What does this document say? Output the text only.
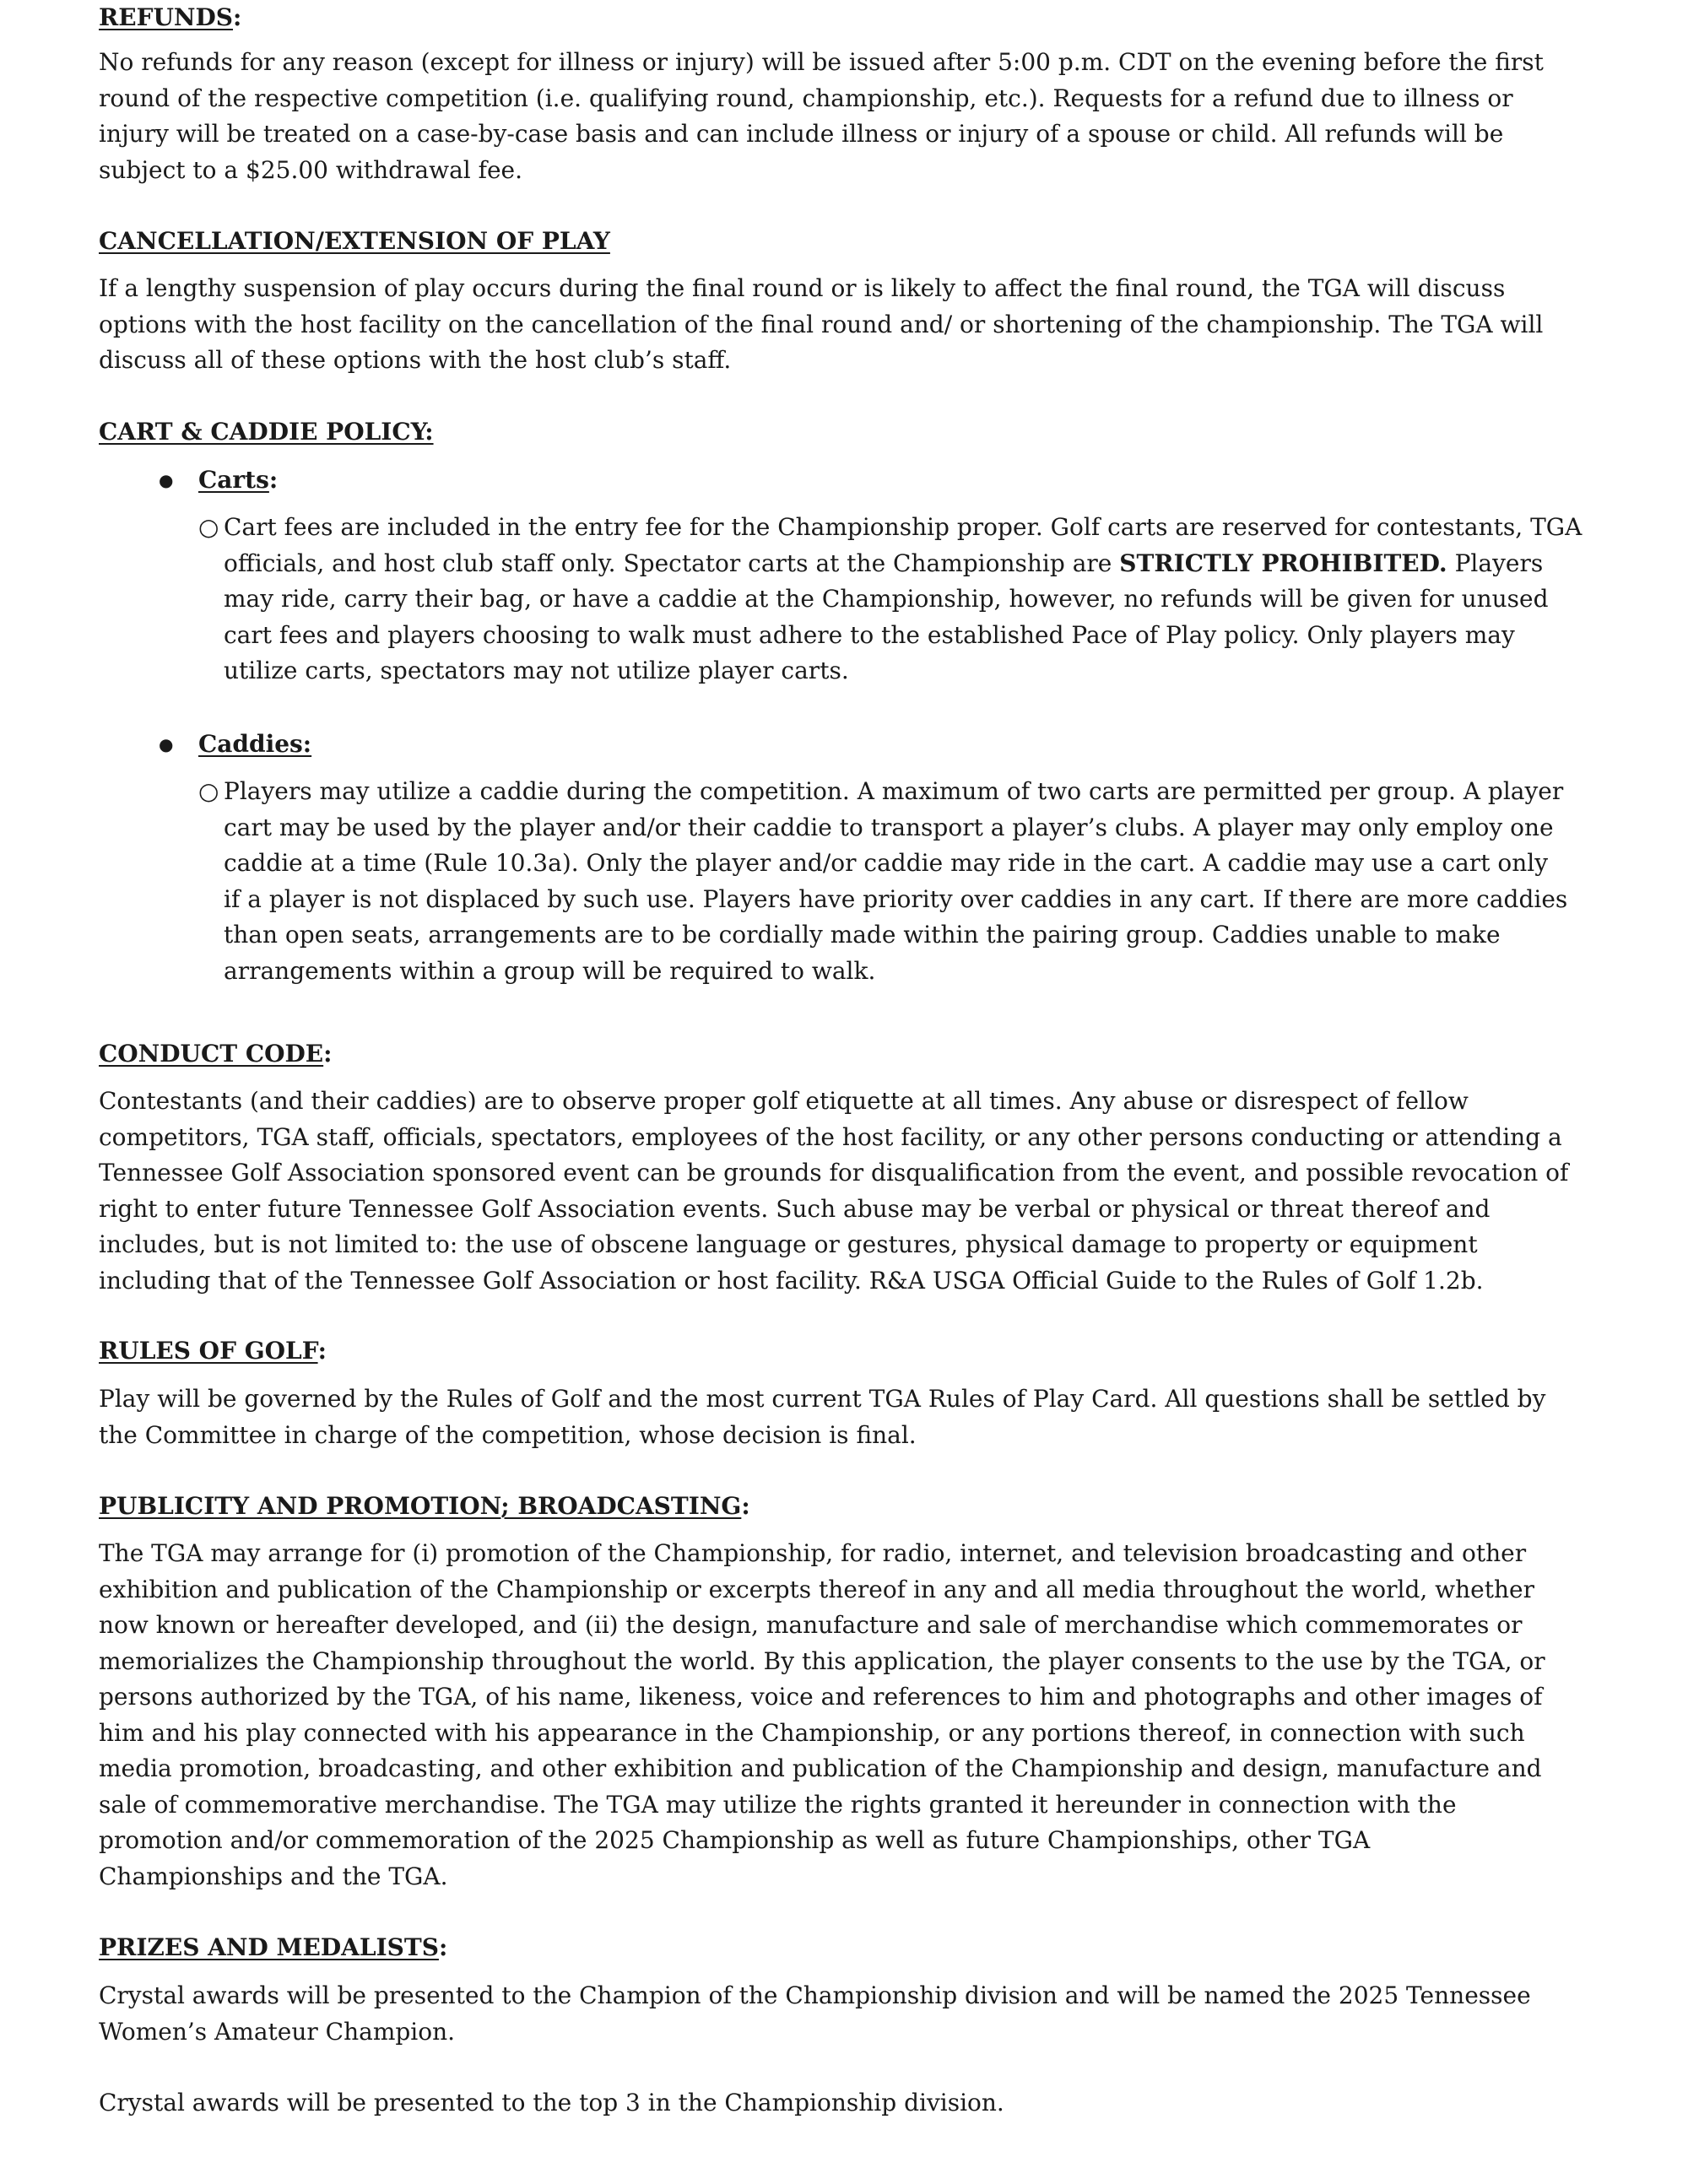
REFUNDS:
No refunds for any reason (except for illness or injury) will be issued after 5:00 p.m. CDT on the evening before the first
round of the respective competition (i.e. qualifying round, championship, etc.). Requests for a refund due to illness or
injury will be treated on a case-by-case basis and can include illness or injury of a spouse or child. All refunds will be
subject to a $25.00 withdrawal fee.
CANCELLATION/EXTENSION OF PLAY
If a lengthy suspension of play occurs during the final round or is likely to affect the final round, the TGA will discuss
options with the host facility on the cancellation of the final round and/ or shortening of the championship. The TGA will
discuss all of these options with the host club’s staff.
CART & CADDIE POLICY:
● Carts:
○ Cart fees are included in the entry fee for the Championship proper. Golf carts are reserved for contestants, TGA
officials, and host club staff only. Spectator carts at the Championship are STRICTLY PROHIBITED. Players
may ride, carry their bag, or have a caddie at the Championship, however, no refunds will be given for unused
cart fees and players choosing to walk must adhere to the established Pace of Play policy. Only players may
utilize carts, spectators may not utilize player carts.
● Caddies:
○ Players may utilize a caddie during the competition. A maximum of two carts are permitted per group. A player
cart may be used by the player and/or their caddie to transport a player’s clubs. A player may only employ one
caddie at a time (Rule 10.3a). Only the player and/or caddie may ride in the cart. A caddie may use a cart only
if a player is not displaced by such use. Players have priority over caddies in any cart. If there are more caddies
than open seats, arrangements are to be cordially made within the pairing group. Caddies unable to make
arrangements within a group will be required to walk.
CONDUCT CODE:
Contestants (and their caddies) are to observe proper golf etiquette at all times. Any abuse or disrespect of fellow
competitors, TGA staff, officials, spectators, employees of the host facility, or any other persons conducting or attending a
Tennessee Golf Association sponsored event can be grounds for disqualification from the event, and possible revocation of
right to enter future Tennessee Golf Association events. Such abuse may be verbal or physical or threat thereof and
includes, but is not limited to: the use of obscene language or gestures, physical damage to property or equipment
including that of the Tennessee Golf Association or host facility. R&A USGA Official Guide to the Rules of Golf 1.2b.
RULES OF GOLF:
Play will be governed by the Rules of Golf and the most current TGA Rules of Play Card. All questions shall be settled by
the Committee in charge of the competition, whose decision is final.
PUBLICITY AND PROMOTION; BROADCASTING:
The TGA may arrange for (i) promotion of the Championship, for radio, internet, and television broadcasting and other
exhibition and publication of the Championship or excerpts thereof in any and all media throughout the world, whether
now known or hereafter developed, and (ii) the design, manufacture and sale of merchandise which commemorates or
memorializes the Championship throughout the world. By this application, the player consents to the use by the TGA, or
persons authorized by the TGA, of his name, likeness, voice and references to him and photographs and other images of
him and his play connected with his appearance in the Championship, or any portions thereof, in connection with such
media promotion, broadcasting, and other exhibition and publication of the Championship and design, manufacture and
sale of commemorative merchandise. The TGA may utilize the rights granted it hereunder in connection with the
promotion and/or commemoration of the 2025 Championship as well as future Championships, other TGA
Championships and the TGA.
PRIZES AND MEDALISTS:
Crystal awards will be presented to the Champion of the Championship division and will be named the 2025 Tennessee
Women’s Amateur Champion.
Crystal awards will be presented to the top 3 in the Championship division.
